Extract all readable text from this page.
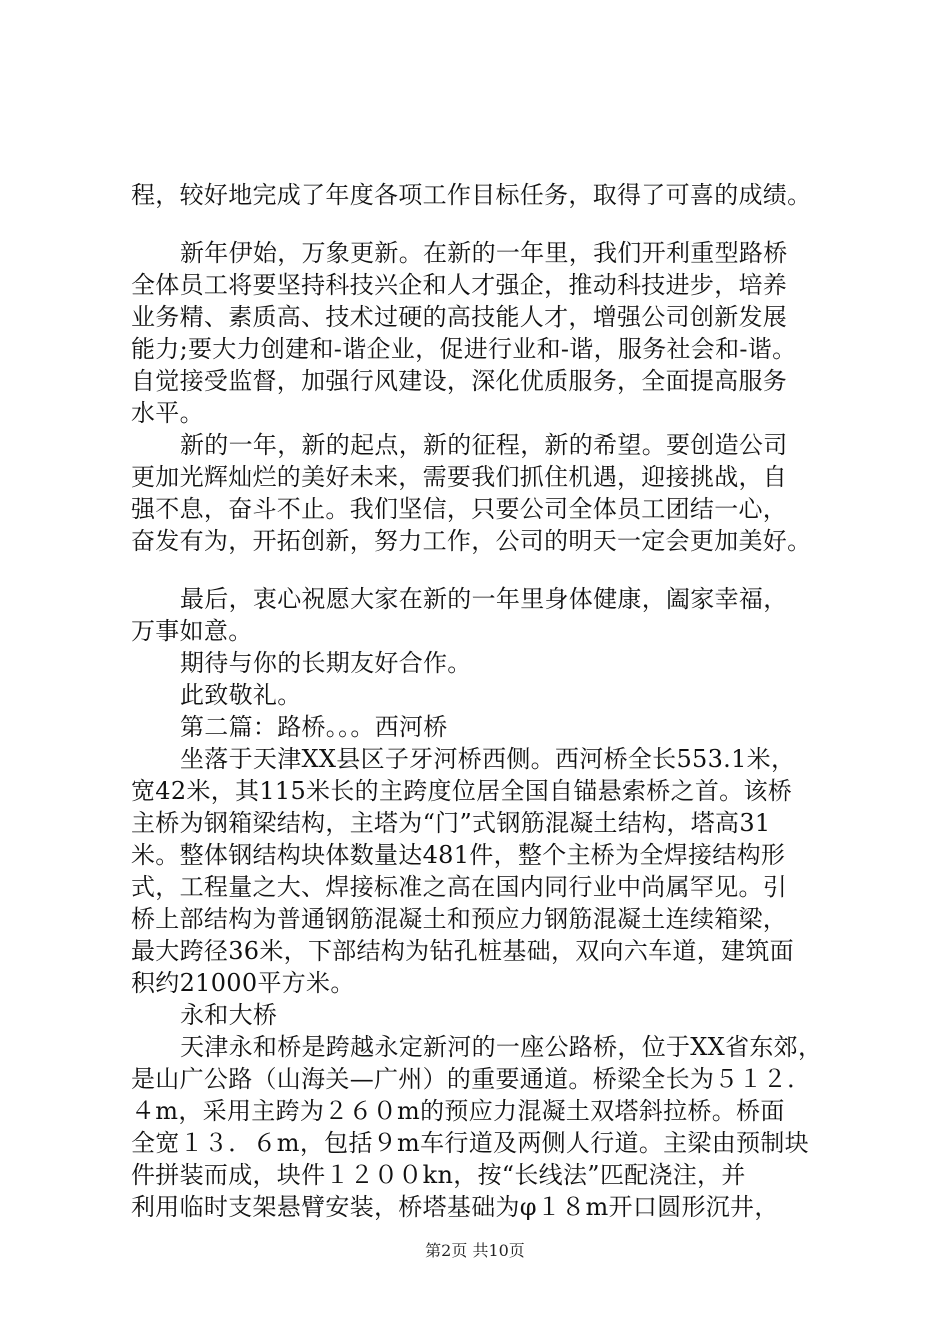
程，较好地完成了年度各项工作目标任务，取得了可喜的成绩。
新年伊始，万象更新。在新的一年里，我们开利重型路桥
全体员工将要坚持科技兴企和人才强企，推动科技进步，培养
业务精、素质高、技术过硬的高技能人才，增强公司创新发展
能力;要大力创建和-谐企业，促进行业和-谐，服务社会和-谐。
自觉接受监督，加强行风建设，深化优质服务，全面提高服务
水平。
新的一年，新的起点，新的征程，新的希望。要创造公司
更加光辉灿烂的美好未来，需要我们抓住机遇，迎接挑战，自
强不息，奋斗不止。我们坚信，只要公司全体员工团结一心，
奋发有为，开拓创新，努力工作，公司的明天一定会更加美好。
最后，衷心祝愿大家在新的一年里身体健康，阖家幸福，
万事如意。
期待与你的长期友好合作。
此致敬礼。
第二篇：路桥。。。西河桥
坐落于天津XX县区子牙河桥西侧。西河桥全长553.1米，
宽42米，其115米长的主跨度位居全国自锚悬索桥之首。该桥
主桥为钢箱梁结构，主塔为“门”式钢筋混凝土结构，塔高31
米。整体钢结构块体数量达481件，整个主桥为全焊接结构形
式，工程量之大、焊接标准之高在国内同行业中尚属罕见。引
桥上部结构为普通钢筋混凝土和预应力钢筋混凝土连续箱梁，
最大跨径36米，下部结构为钻孔桩基础，双向六车道，建筑面
积约21000平方米。
永和大桥
天津永和桥是跨越永定新河的一座公路桥，位于XX省东郊，
是山广公路（山海关—广州）的重要通道。桥梁全长为５１２．
４m，采用主跨为２６０m的预应力混凝土双塔斜拉桥。桥面
全宽１３．６m，包括９m车行道及两侧人行道。主梁由预制块
件拼装而成，块件１２００kn，按“长线法”匹配浇注，并
利用临时支架悬臂安装，桥塔基础为φ１８m开口圆形沉井，
第2页 共10页
